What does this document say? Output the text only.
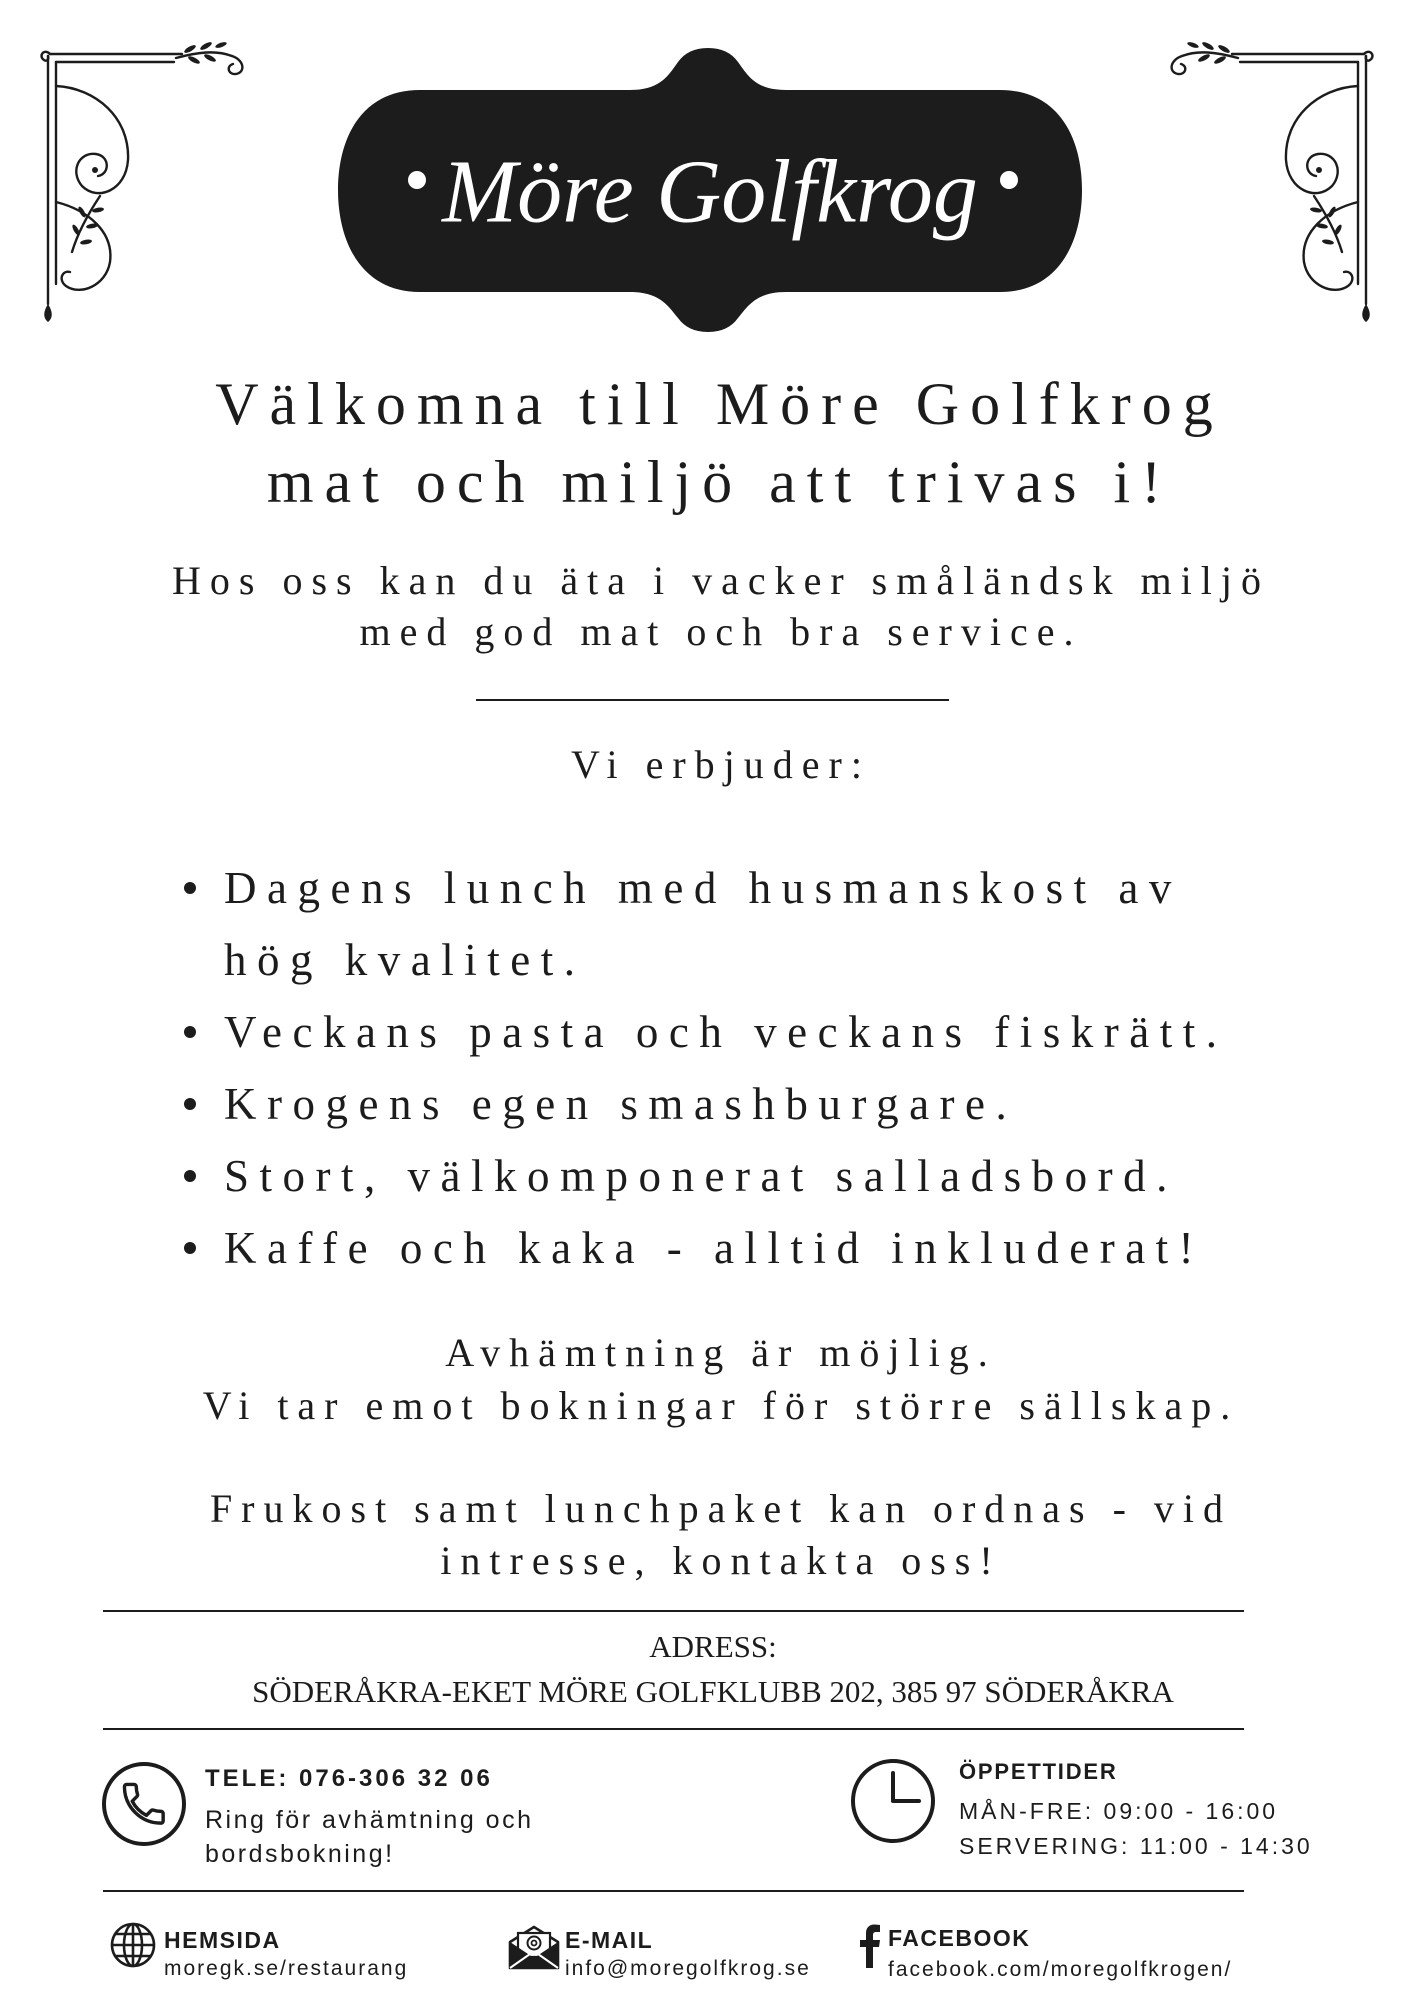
Möre Golfkrog
Välkomna till Möre Golfkrog
mat och miljö att trivas i!
Hos oss kan du äta i vacker småländsk miljö
med god mat och bra service.
Vi erbjuder:
Dagens lunch med husmanskost av
hög kvalitet.
Veckans pasta och veckans fiskrätt.
Krogens egen smashburgare.
Stort, välkomponerat salladsbord.
Kaffe och kaka - alltid inkluderat!
Avhämtning är möjlig.
Vi tar emot bokningar för större sällskap.
Frukost samt lunchpaket kan ordnas - vid
intresse, kontakta oss!
ADRESS:
SÖDERÅKRA-EKET MÖRE GOLFKLUBB 202, 385 97 SÖDERÅKRA
TELE: 076-306 32 06
Ring för avhämtning och
bordsbokning!
ÖPPETTIDER
MÅN-FRE: 09:00 - 16:00
SERVERING: 11:00 - 14:30
HEMSIDA
moregk.se/restaurang
E-MAIL
info@moregolfkrog.se
FACEBOOK
facebook.com/moregolfkrogen/
